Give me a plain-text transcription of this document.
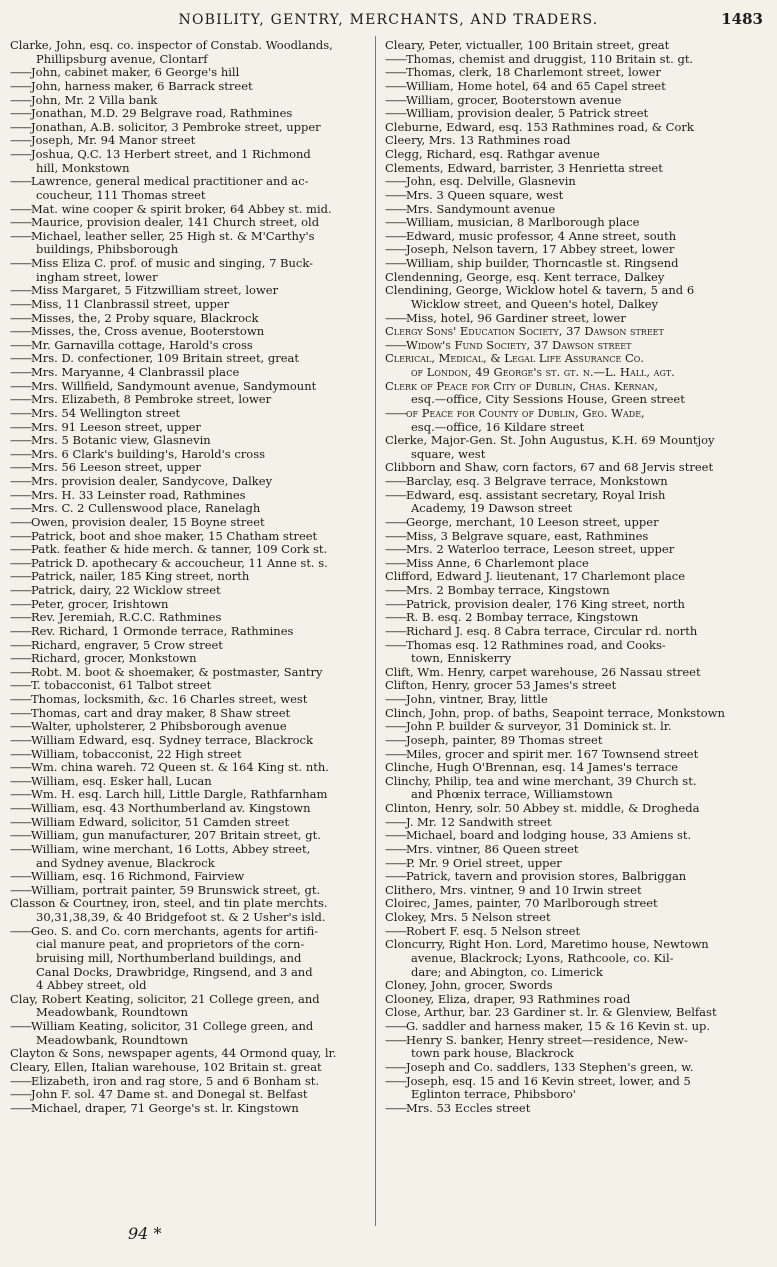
NOBILITY, GENTRY, MERCHANTS, AND TRADERS.	1483
Clarke, John, esq. co. inspector of Constab. Woodlands,
Phillipsburg avenue, Clontarf
—— John, cabinet maker, 6 George's hill
—— John, harness maker, 6 Barrack street
—— John, Mr. 2 Villa bank
—— Jonathan, M.D. 29 Belgrave road, Rathmines
—— Jonathan, A.B. solicitor, 3 Pembroke street, upper
—— Joseph, Mr. 94 Manor street
—— Joshua, Q.C. 13 Herbert street, and 1 Richmond
hill, Monkstown
—— Lawrence, general medical practitioner and ac-
coucheur, 111 Thomas street
—— Mat. wine cooper & spirit broker, 64 Abbey st. mid.
—— Maurice, provision dealer, 141 Church street, old
—— Michael, leather seller, 25 High st. & M'Carthy's
buildings, Phibsborough
—— Miss Eliza C. prof. of music and singing, 7 Buck-
ingham street, lower
—— Miss Margaret, 5 Fitzwilliam street, lower
—— Miss, 11 Clanbrassil street, upper
—— Misses, the, 2 Proby square, Blackrock
—— Misses, the, Cross avenue, Booterstown
—— Mr. Garnavilla cottage, Harold's cross
—— Mrs. D. confectioner, 109 Britain street, great
—— Mrs. Maryanne, 4 Clanbrassil place
—— Mrs. Willfield, Sandymount avenue, Sandymount
—— Mrs. Elizabeth, 8 Pembroke street, lower
—— Mrs. 54 Wellington street
—— Mrs. 91 Leeson street, upper
—— Mrs. 5 Botanic view, Glasnevin
—— Mrs. 6 Clark's building's, Harold's cross
—— Mrs. 56 Leeson street, upper
—— Mrs. provision dealer, Sandycove, Dalkey
—— Mrs. H. 33 Leinster road, Rathmines
—— Mrs. C. 2 Cullenswood place, Ranelagh
—— Owen, provision dealer, 15 Boyne street
—— Patrick, boot and shoe maker, 15 Chatham street
—— Patk. feather & hide merch. & tanner, 109 Cork st.
—— Patrick D. apothecary & accoucheur, 11 Anne st. s.
—— Patrick, nailer, 185 King street, north
—— Patrick, dairy, 22 Wicklow street
—— Peter, grocer, Irishtown
—— Rev. Jeremiah, R.C.C. Rathmines
—— Rev. Richard, 1 Ormonde terrace, Rathmines
—— Richard, engraver, 5 Crow street
—— Richard, grocer, Monkstown
—— Robt. M. boot & shoemaker, & postmaster, Santry
—— T. tobacconist, 61 Talbot street
—— Thomas, locksmith, &c. 16 Charles street, west
—— Thomas, cart and dray maker, 8 Shaw street
—— Walter, upholsterer, 2 Phibsborough avenue
—— William Edward, esq. Sydney terrace, Blackrock
—— William, tobacconist, 22 High street
—— Wm. china wareh. 72 Queen st. & 164 King st. nth.
—— William, esq. Esker hall, Lucan
—— Wm. H. esq. Larch hill, Little Dargle, Rathfarnham
—— William, esq. 43 Northumberland av. Kingstown
—— William Edward, solicitor, 51 Camden street
—— William, gun manufacturer, 207 Britain street, gt.
—— William, wine merchant, 16 Lotts, Abbey street,
and Sydney avenue, Blackrock
—— William, esq. 16 Richmond, Fairview
—— William, portrait painter, 59 Brunswick street, gt.
Classon & Courtney, iron, steel, and tin plate merchts.
30,31,38,39, & 40 Bridgefoot st. & 2 Usher's isld.
—— Geo. S. and Co. corn merchants, agents for artifi-
cial manure peat, and proprietors of the corn-
bruising mill, Northumberland buildings, and
Canal Docks, Drawbridge, Ringsend, and 3 and
4 Abbey street, old
Clay, Robert Keating, solicitor, 21 College green, and
Meadowbank, Roundtown
—— William Keating, solicitor, 31 College green, and
Meadowbank, Roundtown
Clayton & Sons, newspaper agents, 44 Ormond quay, lr.
Cleary, Ellen, Italian warehouse, 102 Britain st. great
—— Elizabeth, iron and rag store, 5 and 6 Bonham st.
—— John F. sol. 47 Dame st. and Donegal st. Belfast
—— Michael, draper, 71 George's st. lr. Kingstown
Cleary, Peter, victualler, 100 Britain street, great
—— Thomas, chemist and druggist, 110 Britain st. gt.
—— Thomas, clerk, 18 Charlemont street, lower
—— William, Home hotel, 64 and 65 Capel street
—— William, grocer, Booterstown avenue
—— William, provision dealer, 5 Patrick street
Cleburne, Edward, esq. 153 Rathmines road, & Cork
Cleery, Mrs. 13 Rathmines road
Clegg, Richard, esq. Rathgar avenue
Clements, Edward, barrister, 3 Henrietta street
—— John, esq. Delville, Glasnevin
—— Mrs. 3 Queen square, west
—— Mrs. Sandymount avenue
—— William, musician, 8 Marlborough place
—— Edward, music professor, 4 Anne street, south
—— Joseph, Nelson tavern, 17 Abbey street, lower
—— William, ship builder, Thorncastle st. Ringsend
Clendenning, George, esq. Kent terrace, Dalkey
Clendining, George, Wicklow hotel & tavern, 5 and 6
Wicklow street, and Queen's hotel, Dalkey
—— Miss, hotel, 96 Gardiner street, lower
Clergy Sons' Education Society, 37 Dawson street
—— Widow's Fund Society, 37 Dawson street
Clerical, Medical, & Legal Life Assurance Co.
of London, 49 George's st. gt. n.—L. Hall, agt.
Clerk of Peace for City of Dublin, Chas. Kernan,
esq.—office, City Sessions House, Green street
—— of Peace for County of Dublin, Geo. Wade,
esq.—office, 16 Kildare street
Clerke, Major-Gen. St. John Augustus, K.H. 69 Mountjoy
square, west
Clibborn and Shaw, corn factors, 67 and 68 Jervis street
—— Barclay, esq. 3 Belgrave terrace, Monkstown
—— Edward, esq. assistant secretary, Royal Irish
Academy, 19 Dawson street
—— George, merchant, 10 Leeson street, upper
—— Miss, 3 Belgrave square, east, Rathmines
—— Mrs. 2 Waterloo terrace, Leeson street, upper
—— Miss Anne, 6 Charlemont place
Clifford, Edward J. lieutenant, 17 Charlemont place
—— Mrs. 2 Bombay terrace, Kingstown
—— Patrick, provision dealer, 176 King street, north
—— R. B. esq. 2 Bombay terrace, Kingstown
—— Richard J. esq. 8 Cabra terrace, Circular rd. north
—— Thomas esq. 12 Rathmines road, and Cooks-
town, Enniskerry
Clift, Wm. Henry, carpet warehouse, 26 Nassau street
Clifton, Henry, grocer 53 James's street
—— John, vintner, Bray, little
Clinch, John, prop. of baths, Seapoint terrace, Monkstown
—— John P. builder & surveyor, 31 Dominick st. lr.
—— Joseph, painter, 89 Thomas street
—— Miles, grocer and spirit mer. 167 Townsend street
Clinche, Hugh O'Brennan, esq. 14 James's terrace
Clinchy, Philip, tea and wine merchant, 39 Church st.
and Phœnix terrace, Williamstown
Clinton, Henry, solr. 50 Abbey st. middle, & Drogheda
—— J. Mr. 12 Sandwith street
—— Michael, board and lodging house, 33 Amiens st.
—— Mrs. vintner, 86 Queen street
—— P. Mr. 9 Oriel street, upper
—— Patrick, tavern and provision stores, Balbriggan
Clithero, Mrs. vintner, 9 and 10 Irwin street
Cloirec, James, painter, 70 Marlborough street
Clokey, Mrs. 5 Nelson street
—— Robert F. esq. 5 Nelson street
Cloncurry, Right Hon. Lord, Maretimo house, Newtown
avenue, Blackrock; Lyons, Rathcoole, co. Kil-
dare; and Abington, co. Limerick
Cloney, John, grocer, Swords
Clooney, Eliza, draper, 93 Rathmines road
Close, Arthur, bar. 23 Gardiner st. lr. & Glenview, Belfast
—— G. saddler and harness maker, 15 & 16 Kevin st. up.
—— Henry S. banker, Henry street—residence, New-
town park house, Blackrock
—— Joseph and Co. saddlers, 133 Stephen's green, w.
—— Joseph, esq. 15 and 16 Kevin street, lower, and 5
Eglinton terrace, Phibsboro'
—— Mrs. 53 Eccles street
94 *
